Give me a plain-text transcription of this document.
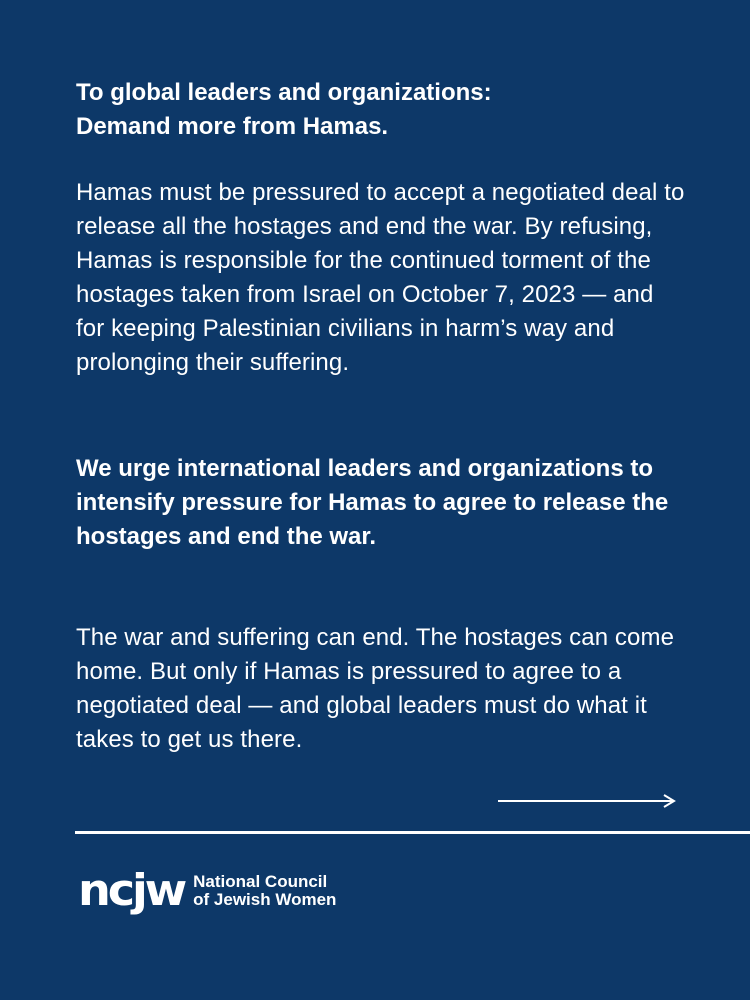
To global leaders and organizations:
Demand more from Hamas.

Hamas must be pressured to accept a negotiated deal to release all the hostages and end the war. By refusing, Hamas is responsible for the continued torment of the hostages taken from Israel on October 7, 2023 — and for keeping Palestinian civilians in harm’s way and prolonging their suffering.

We urge international leaders and organizations to intensify pressure for Hamas to agree to release the hostages and end the war.

The war and suffering can end. The hostages can come home. But only if Hamas is pressured to agree to a negotiated deal — and global leaders must do what it takes to get us there.

ncjw National Council
of Jewish Women
